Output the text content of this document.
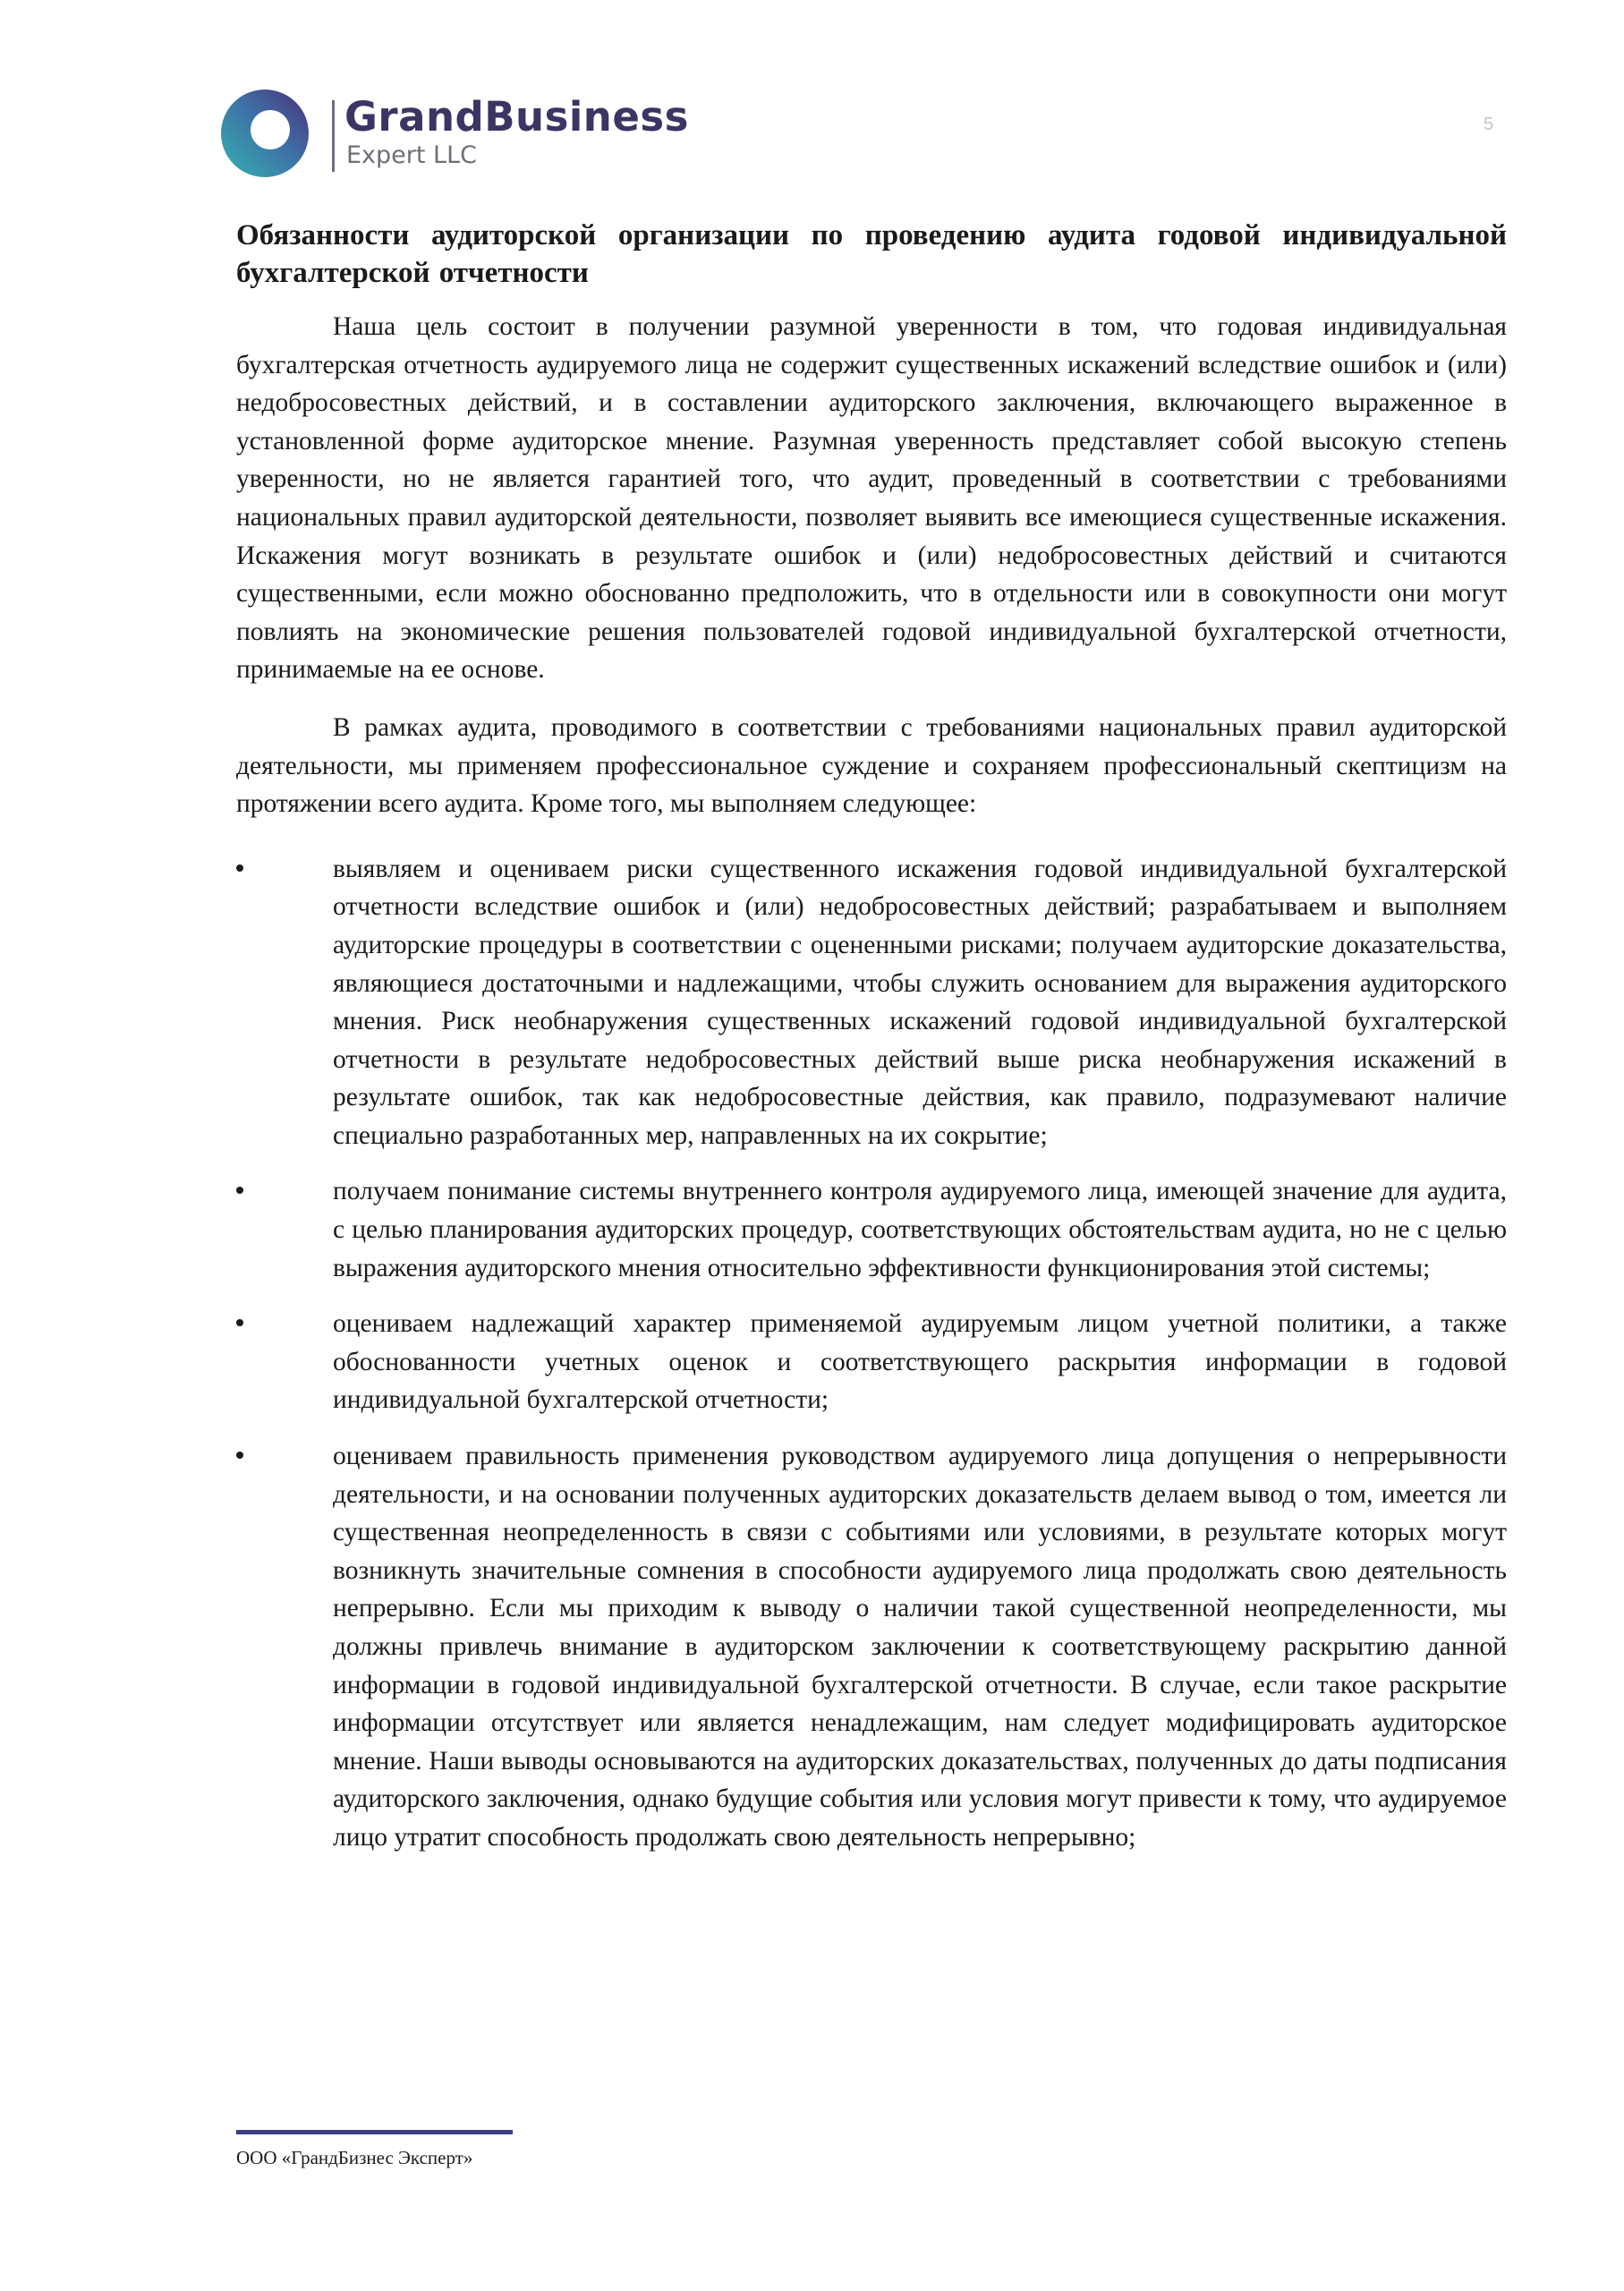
GrandBusiness
Expert LLC
5
Обязанности аудиторской организации по проведению аудита годовой индивидуальной бухгалтерской отчетности

Наша цель состоит в получении разумной уверенности в том, что годовая индивидуальная бухгалтерская отчетность аудируемого лица не содержит существенных искажений вследствие ошибок и (или) недобросовестных действий, и в составлении аудиторского заключения, включающего выраженное в установленной форме аудиторское мнение. Разумная уверенность представляет собой высокую степень уверенности, но не является гарантией того, что аудит, проведенный в соответствии с требованиями национальных правил аудиторской деятельности, позволяет выявить все имеющиеся существенные искажения. Искажения могут возникать в результате ошибок и (или) недобросовестных действий и считаются существенными, если можно обоснованно предположить, что в отдельности или в совокупности они могут повлиять на экономические решения пользователей годовой индивидуальной бухгалтерской отчетности, принимаемые на ее основе.

В рамках аудита, проводимого в соответствии с требованиями национальных правил аудиторской деятельности, мы применяем профессиональное суждение и сохраняем профессиональный скептицизм на протяжении всего аудита. Кроме того, мы выполняем следующее:

выявляем и оцениваем риски существенного искажения годовой индивидуальной бухгалтерской отчетности вследствие ошибок и (или) недобросовестных действий; разрабатываем и выполняем аудиторские процедуры в соответствии с оцененными рисками; получаем аудиторские доказательства, являющиеся достаточными и надлежащими, чтобы служить основанием для выражения аудиторского мнения. Риск необнаружения существенных искажений годовой индивидуальной бухгалтерской отчетности в результате недобросовестных действий выше риска необнаружения искажений в результате ошибок, так как недобросовестные действия, как правило, подразумевают наличие специально разработанных мер, направленных на их сокрытие;
получаем понимание системы внутреннего контроля аудируемого лица, имеющей значение для аудита, с целью планирования аудиторских процедур, соответствующих обстоятельствам аудита, но не с целью выражения аудиторского мнения относительно эффективности функционирования этой системы;
оцениваем надлежащий характер применяемой аудируемым лицом учетной политики, а также обоснованности учетных оценок и соответствующего раскрытия информации в годовой индивидуальной бухгалтерской отчетности;
оцениваем правильность применения руководством аудируемого лица допущения о непрерывности деятельности, и на основании полученных аудиторских доказательств делаем вывод о том, имеется ли существенная неопределенность в связи с событиями или условиями, в результате которых могут возникнуть значительные сомнения в способности аудируемого лица продолжать свою деятельность непрерывно. Если мы приходим к выводу о наличии такой существенной неопределенности, мы должны привлечь внимание в аудиторском заключении к соответствующему раскрытию данной информации в годовой индивидуальной бухгалтерской отчетности. В случае, если такое раскрытие информации отсутствует или является ненадлежащим, нам следует модифицировать аудиторское мнение. Наши выводы основываются на аудиторских доказательствах, полученных до даты подписания аудиторского заключения, однако будущие события или условия могут привести к тому, что аудируемое лицо утратит способность продолжать свою деятельность непрерывно;
ООО «ГрандБизнес Эксперт»
